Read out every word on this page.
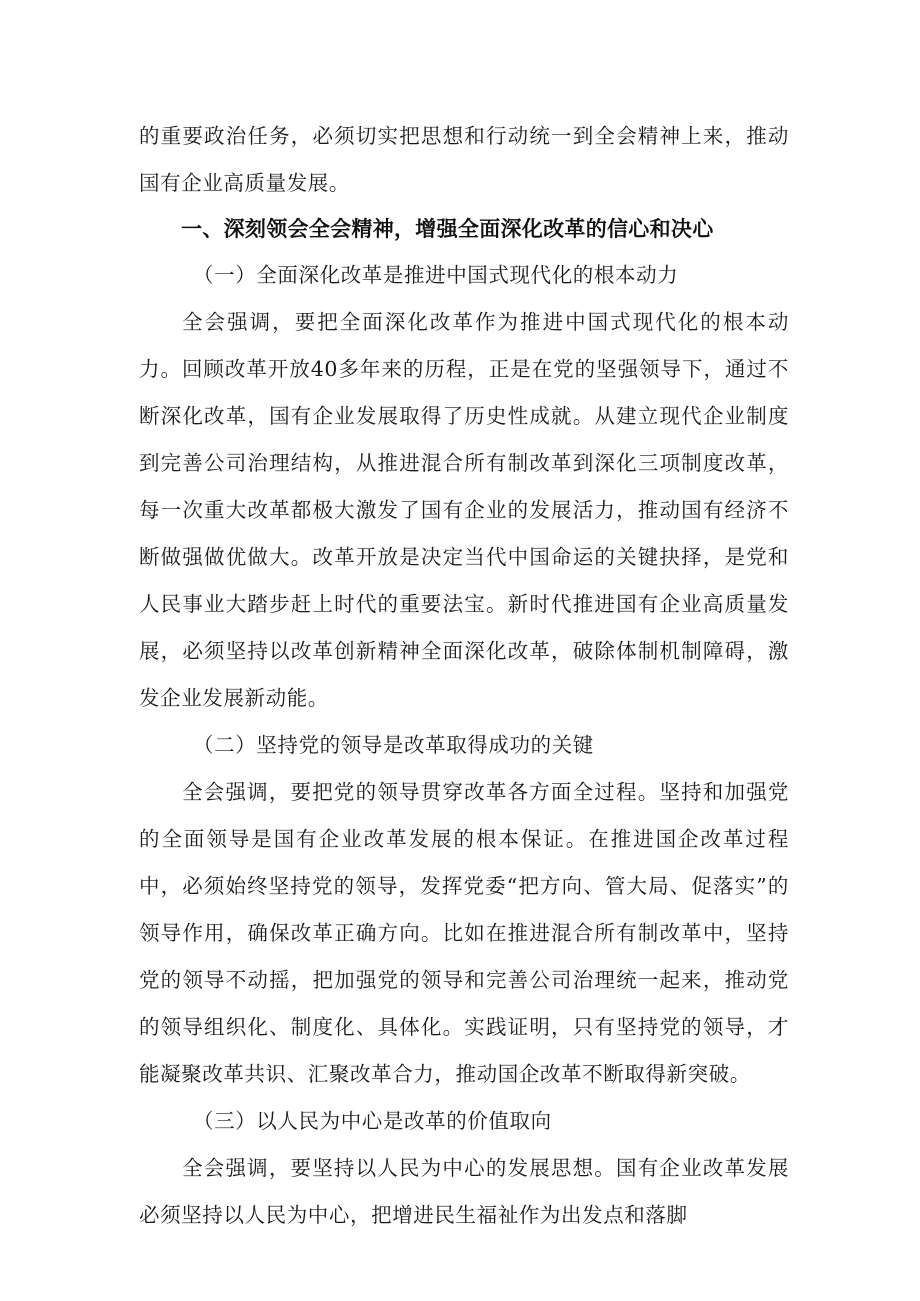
的重要政治任务，必须切实把思想和行动统一到全会精神上来，推动国有企业高质量发展。

一、深刻领会全会精神，增强全面深化改革的信心和决心
（一）全面深化改革是推进中国式现代化的根本动力

全会强调，要把全面深化改革作为推进中国式现代化的根本动力。回顾改革开放40多年来的历程，正是在党的坚强领导下，通过不断深化改革，国有企业发展取得了历史性成就。从建立现代企业制度到完善公司治理结构，从推进混合所有制改革到深化三项制度改革，每一次重大改革都极大激发了国有企业的发展活力，推动国有经济不断做强做优做大。改革开放是决定当代中国命运的关键抉择，是党和人民事业大踏步赶上时代的重要法宝。新时代推进国有企业高质量发展，必须坚持以改革创新精神全面深化改革，破除体制机制障碍，激发企业发展新动能。

（二）坚持党的领导是改革取得成功的关键

全会强调，要把党的领导贯穿改革各方面全过程。坚持和加强党的全面领导是国有企业改革发展的根本保证。在推进国企改革过程中，必须始终坚持党的领导，发挥党委“把方向、管大局、促落实”的领导作用，确保改革正确方向。比如在推进混合所有制改革中，坚持党的领导不动摇，把加强党的领导和完善公司治理统一起来，推动党的领导组织化、制度化、具体化。实践证明，只有坚持党的领导，才能凝聚改革共识、汇聚改革合力，推动国企改革不断取得新突破。

（三）以人民为中心是改革的价值取向

全会强调，要坚持以人民为中心的发展思想。国有企业改革发展必须坚持以人民为中心，把增进民生福祉作为出发点和落脚
